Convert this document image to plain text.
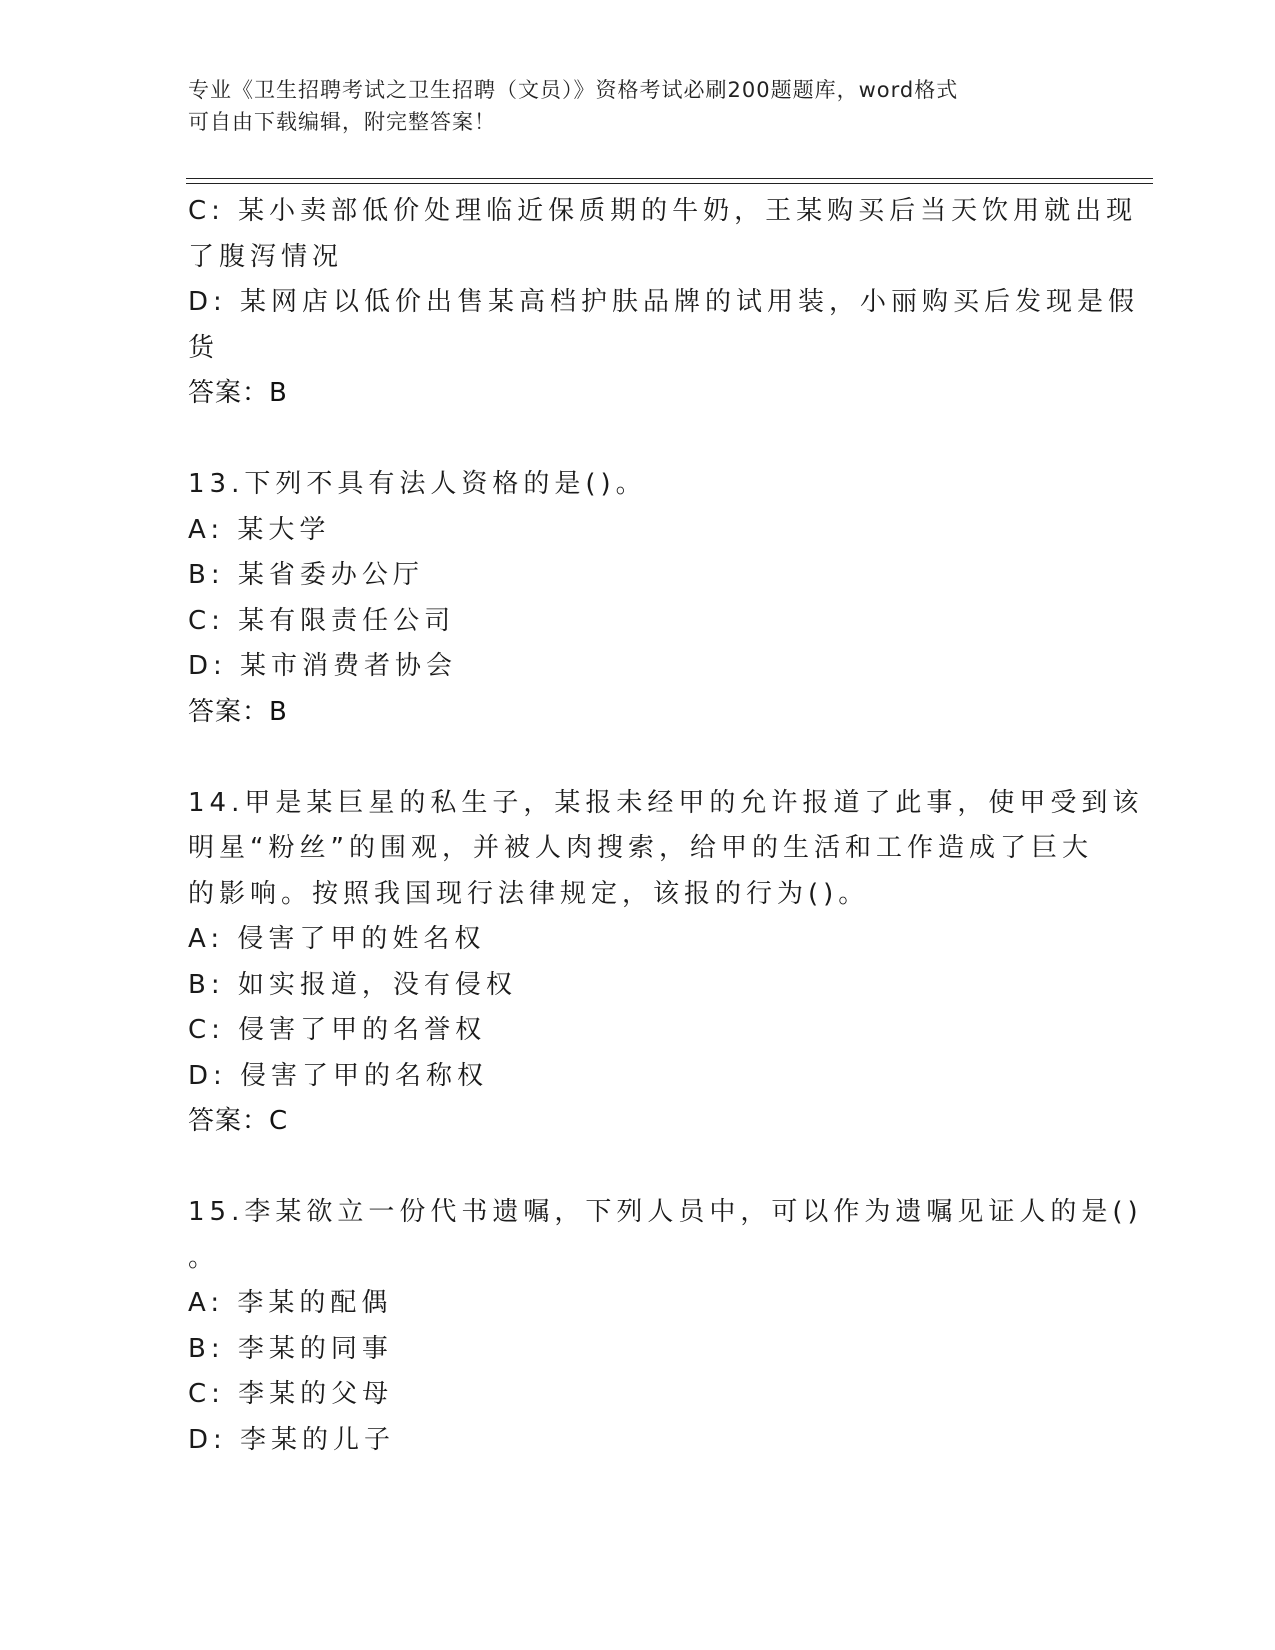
专业《卫生招聘考试之卫生招聘（文员）》资格考试必刷200题题库，word格式
可自由下载编辑，附完整答案！
C: 某小卖部低价处理临近保质期的牛奶，王某购买后当天饮用就出现
了腹泻情况
D: 某网店以低价出售某高档护肤品牌的试用装，小丽购买后发现是假
货
答案：B
13.下列不具有法人资格的是()。
A: 某大学
B: 某省委办公厅
C: 某有限责任公司
D: 某市消费者协会
答案：B
14.甲是某巨星的私生子，某报未经甲的允许报道了此事，使甲受到该
明星“粉丝”的围观，并被人肉搜索，给甲的生活和工作造成了巨大
的影响。按照我国现行法律规定，该报的行为()。
A: 侵害了甲的姓名权
B: 如实报道，没有侵权
C: 侵害了甲的名誉权
D: 侵害了甲的名称权
答案：C
15.李某欲立一份代书遗嘱，下列人员中，可以作为遗嘱见证人的是()
。
A: 李某的配偶
B: 李某的同事
C: 李某的父母
D: 李某的儿子
